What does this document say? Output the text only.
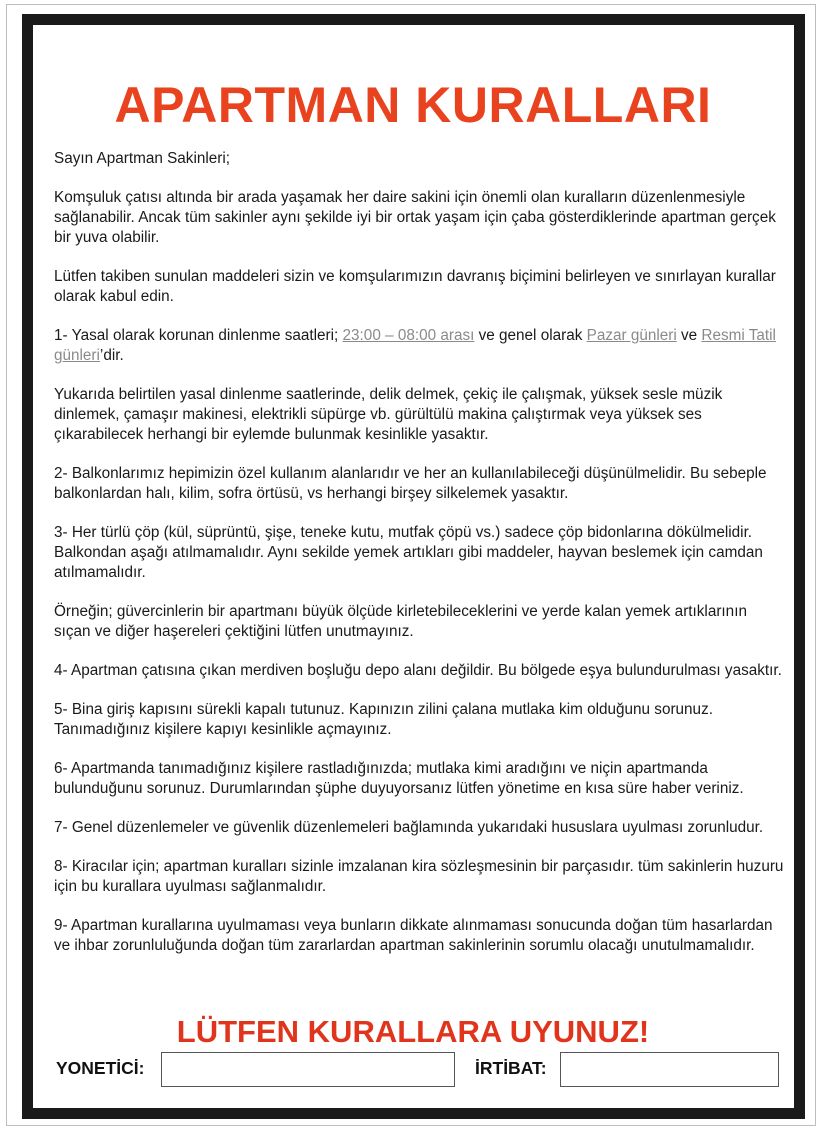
APARTMAN KURALLARI

Sayın Apartman Sakinleri;

Komşuluk çatısı altında bir arada yaşamak her daire sakini için önemli olan kuralların düzenlenmesiyle sağlanabilir. Ancak tüm sakinler aynı şekilde iyi bir ortak yaşam için çaba gösterdiklerinde apartman gerçek bir yuva olabilir.

Lütfen takiben sunulan maddeleri sizin ve komşularımızın davranış biçimini belirleyen ve sınırlayan kurallar olarak kabul edin.

1- Yasal olarak korunan dinlenme saatleri; 23:00 – 08:00 arası ve genel olarak Pazar günleri ve Resmi Tatil günleri’dir.

Yukarıda belirtilen yasal dinlenme saatlerinde, delik delmek, çekiç ile çalışmak, yüksek sesle müzik dinlemek, çamaşır makinesi, elektrikli süpürge vb. gürültülü makina çalıştırmak veya yüksek ses çıkarabilecek herhangi bir eylemde bulunmak kesinlikle yasaktır.

2- Balkonlarımız hepimizin özel kullanım alanlarıdır ve her an kullanılabileceği düşünülmelidir. Bu sebeple balkonlardan halı, kilim, sofra örtüsü, vs herhangi birşey silkelemek yasaktır.

3- Her türlü çöp (kül, süprüntü, şişe, teneke kutu, mutfak çöpü vs.) sadece çöp bidonlarına dökülmelidir. Balkondan aşağı atılmamalıdır. Aynı sekilde yemek artıkları gibi maddeler, hayvan beslemek için camdan atılmamalıdır.

Örneğin; güvercinlerin bir apartmanı büyük ölçüde kirletebileceklerini ve yerde kalan yemek artıklarının sıçan ve diğer haşereleri çektiğini lütfen unutmayınız.

4- Apartman çatısına çıkan merdiven boşluğu depo alanı değildir. Bu bölgede eşya bulundurulması yasaktır.

5- Bina giriş kapısını sürekli kapalı tutunuz. Kapınızın zilini çalana mutlaka kim olduğunu sorunuz. Tanımadığınız kişilere kapıyı kesinlikle açmayınız.

6- Apartmanda tanımadığınız kişilere rastladığınızda; mutlaka kimi aradığını ve niçin apartmanda bulunduğunu sorunuz. Durumlarından şüphe duyuyorsanız lütfen yönetime en kısa süre haber veriniz.

7- Genel düzenlemeler ve güvenlik düzenlemeleri bağlamında yukarıdaki hususlara uyulması zorunludur.

8- Kiracılar için; apartman kuralları sizinle imzalanan kira sözleşmesinin bir parçasıdır. tüm sakinlerin huzuru için bu kurallara uyulması sağlanmalıdır.

9- Apartman kurallarına uyulmaması veya bunların dikkate alınmaması sonucunda doğan tüm hasarlardan ve ihbar zorunluluğunda doğan tüm zararlardan apartman sakinlerinin sorumlu olacağı unutulmamalıdır.

LÜTFEN KURALLARA UYUNUZ!
YONETİCİ:	İRTİBAT:
